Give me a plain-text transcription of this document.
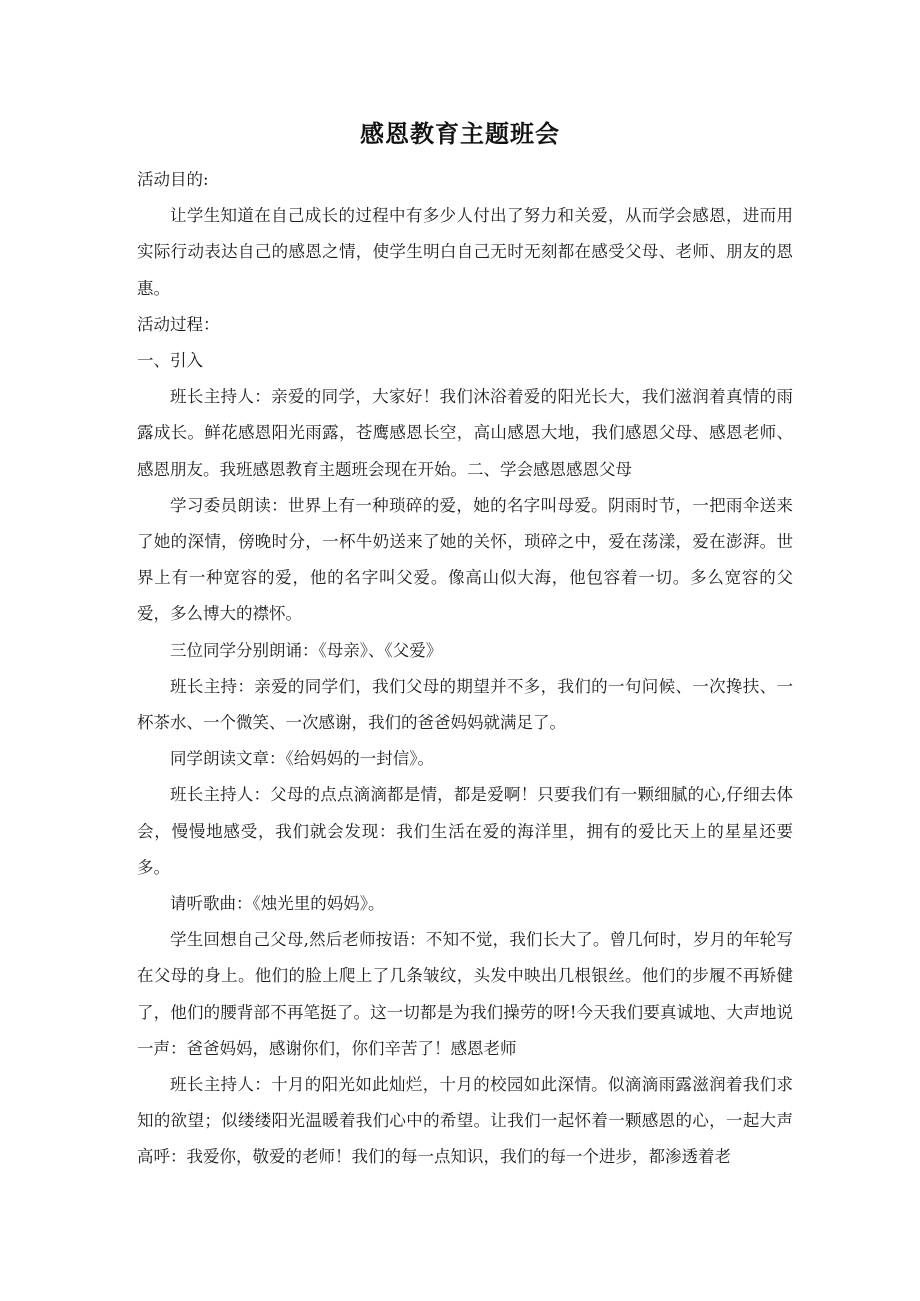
感恩教育主题班会

活动目的:

让学生知道在自己成长的过程中有多少人付出了努力和关爱，从而学会感恩，进而用实际行动表达自己的感恩之情，使学生明白自己无时无刻都在感受父母、老师、朋友的恩惠。

活动过程：

一、引入

班长主持人：亲爱的同学，大家好！我们沐浴着爱的阳光长大，我们滋润着真情的雨露成长。鲜花感恩阳光雨露，苍鹰感恩长空，高山感恩大地，我们感恩父母、感恩老师、感恩朋友。我班感恩教育主题班会现在开始。二、学会感恩感恩父母

学习委员朗读：世界上有一种琐碎的爱，她的名字叫母爱。阴雨时节，一把雨伞送来了她的深情，傍晚时分，一杯牛奶送来了她的关怀，琐碎之中，爱在荡漾，爱在澎湃。世界上有一种宽容的爱，他的名字叫父爱。像高山似大海，他包容着一切。多么宽容的父爱，多么博大的襟怀。

三位同学分别朗诵：《母亲》、《父爱》

班长主持：亲爱的同学们，我们父母的期望并不多，我们的一句问候、一次搀扶、一杯茶水、一个微笑、一次感谢，我们的爸爸妈妈就满足了。

同学朗读文章：《给妈妈的一封信》。

班长主持人：父母的点点滴滴都是情，都是爱啊！只要我们有一颗细腻的心,仔细去体会，慢慢地感受，我们就会发现：我们生活在爱的海洋里，拥有的爱比天上的星星还要多。

请听歌曲：《烛光里的妈妈》。

学生回想自己父母,然后老师按语：不知不觉，我们长大了。曾几何时，岁月的年轮写在父母的身上。他们的脸上爬上了几条皱纹，头发中映出几根银丝。他们的步履不再矫健了，他们的腰背部不再笔挺了。这一切都是为我们操劳的呀!今天我们要真诚地、大声地说一声：爸爸妈妈，感谢你们，你们辛苦了！感恩老师

班长主持人：十月的阳光如此灿烂，十月的校园如此深情。似滴滴雨露滋润着我们求知的欲望；似缕缕阳光温暖着我们心中的希望。让我们一起怀着一颗感恩的心，一起大声高呼：我爱你，敬爱的老师！我们的每一点知识，我们的每一个进步，都渗透着老
